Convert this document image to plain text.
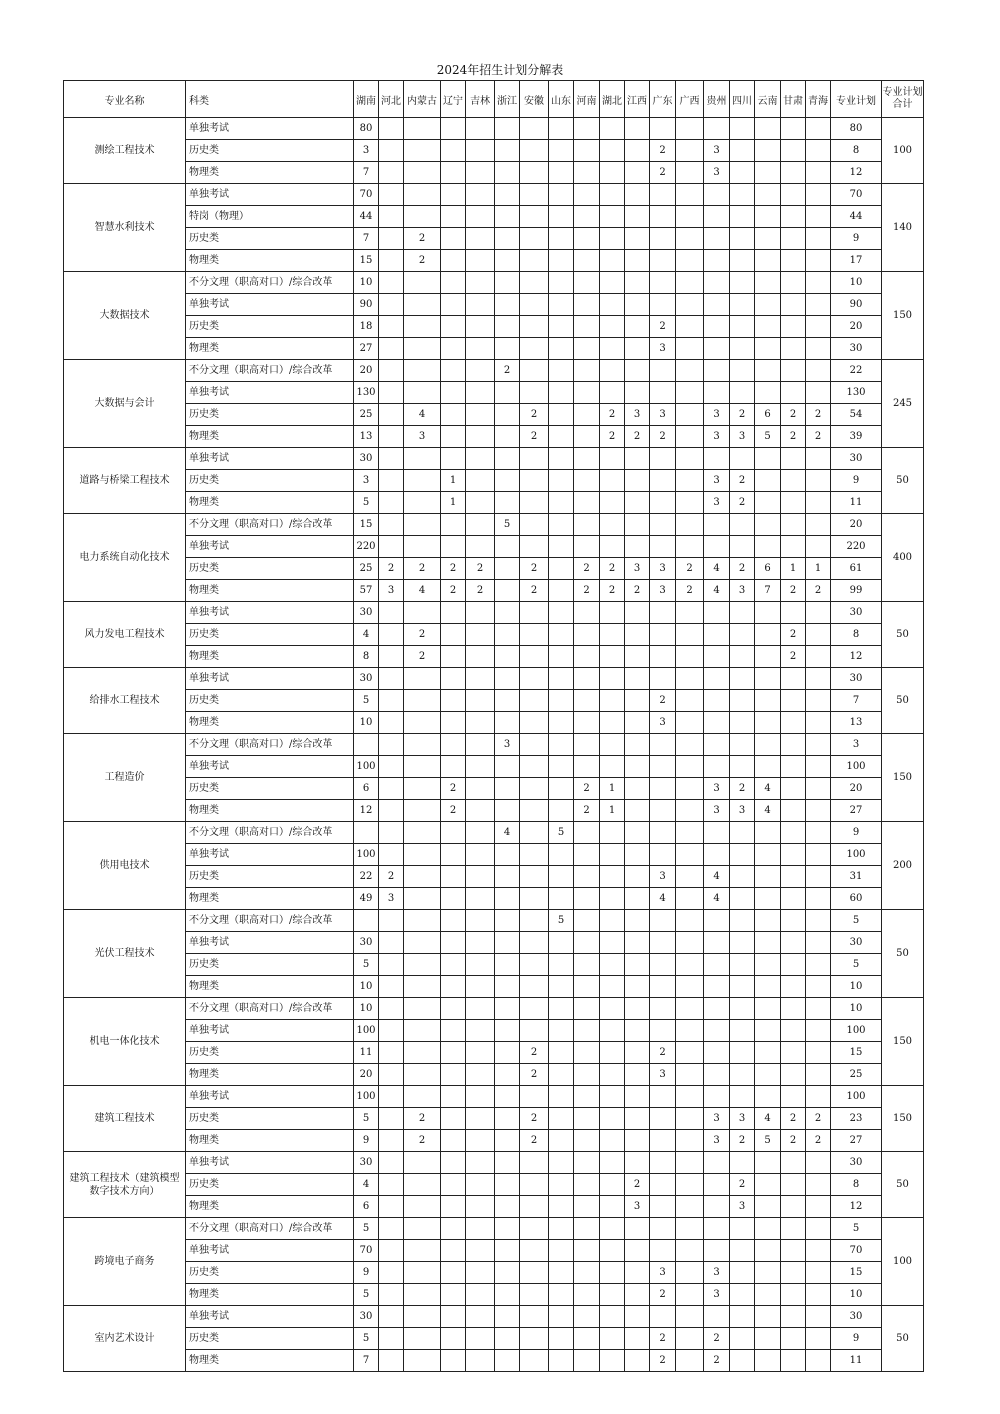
2024年招生计划分解表
专业名称	科类	湖南	河北	内蒙古	辽宁	吉林	浙江	安徽	山东	河南	湖北	江西	广东	广西	贵州	四川	云南	甘肃	青海	专业计划	专业计划合计
测绘工程技术	单独考试	80																		80	100
	历史类	3											2		3					8	
	物理类	7											2		3					12	
智慧水利技术	单独考试	70																		70	140
	特岗（物理）	44																		44	
	历史类	7		2																9	
	物理类	15		2																17	
大数据技术	不分文理（职高对口）/综合改革	10																		10	150
	单独考试	90																		90	
	历史类	18											2							20	
	物理类	27											3							30	
大数据与会计	不分文理（职高对口）/综合改革	20					2													22	245
	单独考试	130																		130	
	历史类	25		4				2			2	3	3		3	2	6	2	2	54	
	物理类	13		3				2			2	2	2		3	3	5	2	2	39	
道路与桥梁工程技术	单独考试	30																		30	50
	历史类	3			1										3	2				9	
	物理类	5			1										3	2				11	
电力系统自动化技术	不分文理（职高对口）/综合改革	15					5													20	400
	单独考试	220																		220	
	历史类	25	2	2	2	2		2		2	2	3	3	2	4	2	6	1	1	61	
	物理类	57	3	4	2	2		2		2	2	2	3	2	4	3	7	2	2	99	
风力发电工程技术	单独考试	30																		30	50
	历史类	4		2														2		8	
	物理类	8		2														2		12	
给排水工程技术	单独考试	30																		30	50
	历史类	5											2							7	
	物理类	10											3							13	
工程造价	不分文理（职高对口）/综合改革						3													3	150
	单独考试	100																		100	
	历史类	6			2					2	1				3	2	4			20	
	物理类	12			2					2	1				3	3	4			27	
供用电技术	不分文理（职高对口）/综合改革						4		5											9	200
	单独考试	100																		100	
	历史类	22	2										3		4					31	
	物理类	49	3										4		4					60	
光伏工程技术	不分文理（职高对口）/综合改革								5											5	50
	单独考试	30																		30	
	历史类	5																		5	
	物理类	10																		10	
机电一体化技术	不分文理（职高对口）/综合改革	10																		10	150
	单独考试	100																		100	
	历史类	11						2					2							15	
	物理类	20						2					3							25	
建筑工程技术	单独考试	100																		100	150
	历史类	5		2				2							3	3	4	2	2	23	
	物理类	9		2				2							3	2	5	2	2	27	
建筑工程技术（建筑模型数字技术方向）	单独考试	30																		30	50
	历史类	4										2				2				8	
	物理类	6										3				3				12	
跨境电子商务	不分文理（职高对口）/综合改革	5																		5	100
	单独考试	70																		70	
	历史类	9											3		3					15	
	物理类	5											2		3					10	
室内艺术设计	单独考试	30																		30	50
	历史类	5											2		2					9	
	物理类	7											2		2					11	
